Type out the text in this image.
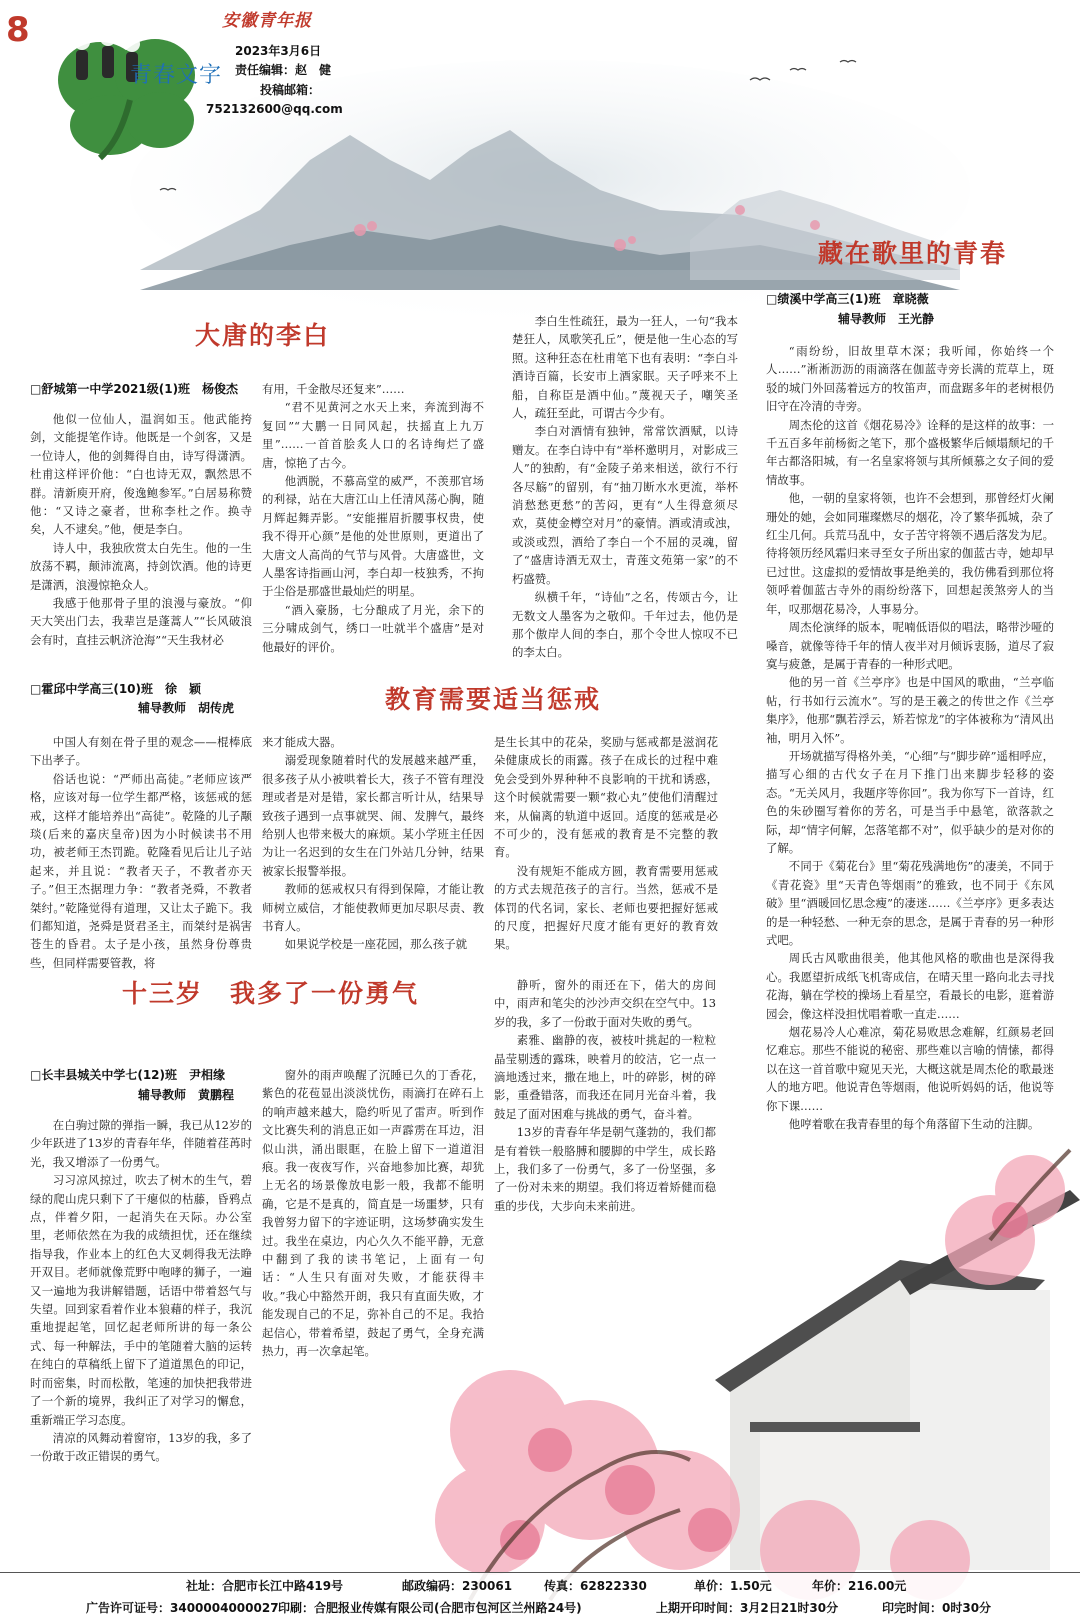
8	安徽青年报
青春文字
2023年3月6日
责任编辑：赵　健
投稿邮箱：
752132600@qq.com
大唐的李白
□舒城第一中学2021级(1)班　杨俊杰

他似一位仙人，温润如玉。他武能挎剑，文能提笔作诗。他既是一个剑客，又是一位诗人，他的剑舞得自由，诗写得潇洒。杜甫这样评价他：“白也诗无双，飘然思不群。清新庾开府，俊逸鲍参军。”白居易称赞他：“又诗之豪者，世称李杜之作。换寺矣，人不逮矣。”他，便是李白。

诗人中，我独欣赏太白先生。他的一生放荡不羁，颠沛流离，持剑饮酒。他的诗更是潇洒，浪漫惊艳众人。

我感于他那骨子里的浪漫与豪放。“仰天大笑出门去，我辈岂是蓬蒿人”“长风破浪会有时，直挂云帆济沧海”“天生我材必

有用，千金散尽还复来”……

“君不见黄河之水天上来，奔流到海不复回”“大鹏一日同风起，扶摇直上九万里”……一首首脍炙人口的名诗绚烂了盛唐，惊艳了古今。

他洒脱，不慕高堂的威严，不羡那官场的利禄，站在大唐江山上任清风荡心胸，随月辉起舞弄影。“安能摧眉折腰事权贵，使我不得开心颜”是他的处世原则，更道出了大唐文人高尚的气节与风骨。大唐盛世，文人墨客诗指画山河，李白却一枝独秀，不拘于尘俗是那盛世最灿烂的明星。

“酒入豪肠，七分酿成了月光，余下的三分啸成剑气，绣口一吐就半个盛唐”是对他最好的评价。

李白生性疏狂，最为一狂人，一句“我本楚狂人，凤歌笑孔丘”，便是他一生心态的写照。这种狂态在杜甫笔下也有表明：“李白斗酒诗百篇，长安市上酒家眠。天子呼来不上船，自称臣是酒中仙。”蔑视天子，嘲笑圣人，疏狂至此，可谓古今少有。

李白对酒情有独钟，常常饮酒赋，以诗赠友。在李白诗中有“举杯邀明月，对影成三人”的独酌，有“金陵子弟来相送，欲行不行各尽觞”的留别，有“抽刀断水水更流，举杯消愁愁更愁”的苦闷，更有“人生得意须尽欢，莫使金樽空对月”的豪情。酒或清或浊，或淡或烈，酒给了李白一个不屈的灵魂，留了“盛唐诗酒无双士，青莲文苑第一家”的不朽盛赞。

纵横千年，“诗仙”之名，传颂古今，让无数文人墨客为之敬仰。千年过去，他仍是那个傲岸人间的李白，那个令世人惊叹不已的李太白。

教育需要适当惩戒
□霍邱中学高三(10)班　徐　颖
辅导教师　胡传虎

中国人有刻在骨子里的观念——棍棒底下出孝子。

俗话也说：“严师出高徒。”老师应该严格，应该对每一位学生都严格，该惩戒的惩戒，这样才能培养出“高徒”。乾隆的儿子颙琰(后来的嘉庆皇帝)因为小时候读书不用功，被老师王杰罚跪。乾隆看见后让儿子站起来，并且说：“教者天子，不教者亦天子。”但王杰据理力争：“教者尧舜，不教者桀纣。”乾隆觉得有道理，又让太子跪下。我们都知道，尧舜是贤君圣主，而桀纣是祸害苍生的昏君。太子是小孩，虽然身份尊贵些，但同样需要管教，将

来才能成大器。

溺爱现象随着时代的发展越来越严重，很多孩子从小被哄着长大，孩子不管有理没理或者是对是错，家长都言听计从，结果导致孩子遇到一点事就哭、闹、发脾气，最终给别人也带来极大的麻烦。某小学班主任因为让一名迟到的女生在门外站几分钟，结果被家长报警举报。

教师的惩戒权只有得到保障，才能让教师树立威信，才能使教师更加尽职尽责、教书育人。

如果说学校是一座花园，那么孩子就

是生长其中的花朵，奖励与惩戒都是滋润花朵健康成长的雨露。孩子在成长的过程中难免会受到外界种种不良影响的干扰和诱惑，这个时候就需要一颗“救心丸”使他们清醒过来，从偏离的轨道中返回。适度的惩戒是必不可少的，没有惩戒的教育是不完整的教育。

没有规矩不能成方圆，教育需要用惩戒的方式去规范孩子的言行。当然，惩戒不是体罚的代名词，家长、老师也要把握好惩戒的尺度，把握好尺度才能有更好的教育效果。

十三岁　我多了一份勇气
□长丰县城关中学七(12)班　尹相缘
辅导教师　黄鹏程

在白驹过隙的弹指一瞬，我已从12岁的少年跃进了13岁的青春年华，伴随着荏苒时光，我又增添了一份勇气。

习习凉风掠过，吹去了树木的生气，碧绿的爬山虎只剩下了干瘪似的枯藤，昏鸦点点，伴着夕阳，一起消失在天际。办公室里，老师依然在为我的成绩担忧，还在继续指导我，作业本上的红色大叉刺得我无法睁开双目。老师就像荒野中咆哮的狮子，一遍又一遍地为我讲解错题，话语中带着怒气与失望。回到家看着作业本狼藉的样子，我沉重地提起笔，回忆起老师所讲的每一条公式、每一种解法，手中的笔随着大脑的运转在纯白的草稿纸上留下了道道黑色的印记，时而密集，时而松散，笔速的加快把我带进了一个新的境界，我纠正了对学习的懈怠，重新端正学习态度。

清凉的风舞动着窗帘，13岁的我，多了一份敢于改正错误的勇气。

窗外的雨声唤醒了沉睡已久的丁香花，紫色的花苞显出淡淡忧伤，雨滴打在碎石上的响声越来越大，隐约听见了雷声。听到作文比赛失利的消息正如一声霹雳在耳边，泪似山洪，涌出眼眶，在脸上留下一道道泪痕。我一夜夜写作，兴奋地参加比赛，却犹上无名的场景像放电影一般，我都不能明确，它是不是真的，简直是一场噩梦，只有我曾努力留下的字迹证明，这场梦确实发生过。我坐在桌边，内心久久不能平静，无意中翻到了我的读书笔记，上面有一句话：“人生只有面对失败，才能获得丰收。”我心中豁然开朗，我只有直面失败，才能发现自己的不足，弥补自己的不足。我拾起信心，带着希望，鼓起了勇气，全身充满热力，再一次拿起笔。

静听，窗外的雨还在下，偌大的房间中，雨声和笔尖的沙沙声交织在空气中。13岁的我，多了一份敢于面对失败的勇气。

素雅、幽静的夜，被枝叶挑起的一粒粒晶莹剔透的露珠，映着月的皎洁，它一点一滴地透过来，撒在地上，叶的碎影，树的碎影，重叠错落，而我还在同月光奋斗着，我鼓足了面对困难与挑战的勇气，奋斗着。

13岁的青春年华是朝气蓬勃的，我们都是有着铁一般胳膊和腰脚的中学生，成长路上，我们多了一份勇气，多了一份坚强，多了一份对未来的期望。我们将迈着矫健而稳重的步伐，大步向未来前进。

藏在歌里的青春
□绩溪中学高三(1)班　章晓薇
辅导教师　王光静

“雨纷纷，旧故里草木深；我听闻，你始终一个人……”淅淅沥沥的雨滴落在伽蓝寺旁长满的荒草上，斑驳的城门外回荡着远方的牧笛声，而盘踞多年的老树根仍旧守在冷清的寺旁。

周杰伦的这首《烟花易冷》诠释的是这样的故事：一千五百多年前杨衒之笔下，那个盛极繁华后倾塌颓圮的千年古都洛阳城，有一名皇家将领与其所倾慕之女子间的爱情故事。

他，一朝的皇家将领，也许不会想到，那曾经灯火阑珊处的她，会如同璀璨燃尽的烟花，冷了繁华孤城，杂了红尘几何。兵荒马乱中，女子苦守将领不遇后落发为尼。待将领历经风霜归来寻至女子所出家的伽蓝古寺，她却早已过世。这虚拟的爱情故事是绝美的，我仿佛看到那位将领呼着伽蓝古寺外的雨纷纷落下，回想起羡煞旁人的当年，叹那烟花易冷，人事易分。

周杰伦演绎的版本，呢喃低语似的唱法，略带沙哑的嗓音，就像等待千年的情人夜半对月倾诉衷肠，道尽了寂寞与疲惫，是属于青春的一种形式吧。

他的另一首《兰亭序》也是中国风的歌曲，“兰亭临帖，行书如行云流水”。写的是王羲之的传世之作《兰亭集序》，他那“飘若浮云，矫若惊龙”的字体被称为“清风出袖，明月入怀”。

开场就描写得格外美，“心细”与“脚步碎”遥相呼应，描写心细的古代女子在月下推门出来脚步轻移的姿态。“无关风月，我题序等你回”。我为你写下一首诗，红色的朱砂圈写着你的芳名，可是当手中悬笔，欲落款之际，却“情字何解，怎落笔都不对”，似乎缺少的是对你的了解。

不同于《菊花台》里“菊花残满地伤”的凄美，不同于《青花瓷》里“天青色等烟雨”的雅致，也不同于《东风破》里“酒暖回忆思念瘦”的凄迷……《兰亭序》更多表达的是一种轻愁、一种无奈的思念，是属于青春的另一种形式吧。

周氏古风歌曲很美，他其他风格的歌曲也是深得我心。我愿望折成纸飞机寄成信，在晴天里一路向北去寻找花海，躺在学校的操场上看星空，看最长的电影，逛着游园会，像这样没担忧唱着歌一直走……

烟花易冷人心难凉，菊花易败思念难解，红颜易老回忆难忘。那些不能说的秘密、那些难以言喻的情愫，都得以在这一首首歌中窥见天光，大概这就是周杰伦的歌最迷人的地方吧。他说青色等烟雨，他说听妈妈的话，他说等你下课……

他哼着歌在我青春里的每个角落留下生动的注脚。

社址：合肥市长江中路419号	邮政编码：230061	传真：62822330	单价：1.50元	年价：216.00元
广告许可证号：3400004000027 印刷：合肥报业传媒有限公司(合肥市包河区兰州路24号)	上期开印时间：3月2日21时30分	印完时间：0时30分
